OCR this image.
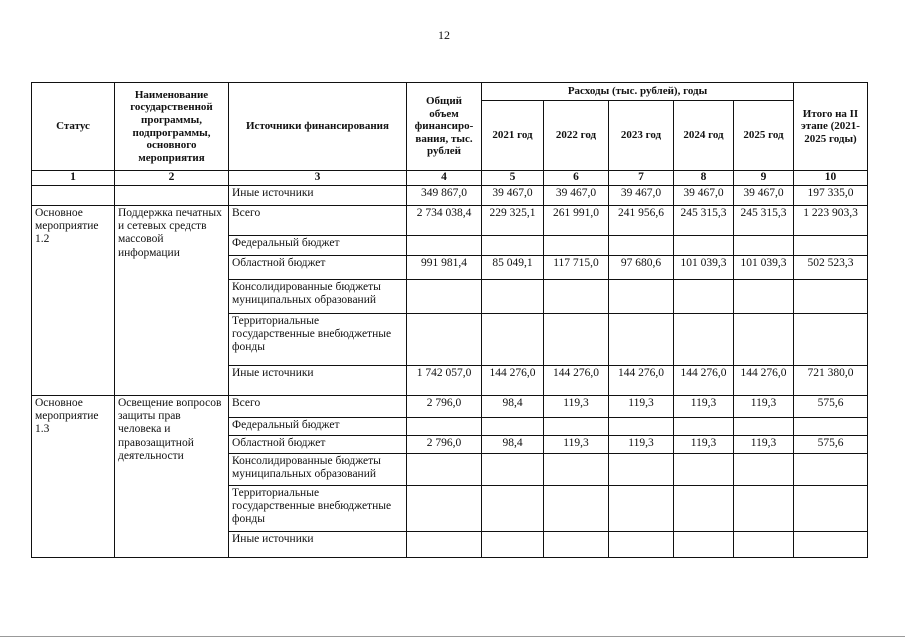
12
Статус	Наименование государственной программы, подпрограммы, основного мероприятия	Источники финансирования	Общий объем финансиро-вания, тыс. рублей	Расходы (тыс. рублей), годы					Итого на II этапе (2021-2025 годы)
				2021 год	2022 год	2023 год	2024 год	2025 год	
1	2	3	4	5	6	7	8	9	10
		Иные источники	349 867,0	39 467,0	39 467,0	39 467,0	39 467,0	39 467,0	197 335,0
Основное мероприятие 1.2	Поддержка печатных и сетевых средств массовой информации	Всего	2 734 038,4	229 325,1	261 991,0	241 956,6	245 315,3	245 315,3	1 223 903,3
		Федеральный бюджет							
		Областной бюджет	991 981,4	85 049,1	117 715,0	97 680,6	101 039,3	101 039,3	502 523,3
		Консолидированные бюджеты муниципальных образований							
		Территориальные государственные внебюджетные фонды							
		Иные источники	1 742 057,0	144 276,0	144 276,0	144 276,0	144 276,0	144 276,0	721 380,0
Основное мероприятие 1.3	Освещение вопросов защиты прав человека и правозащитной деятельности	Всего	2 796,0	98,4	119,3	119,3	119,3	119,3	575,6
		Федеральный бюджет							
		Областной бюджет	2 796,0	98,4	119,3	119,3	119,3	119,3	575,6
		Консолидированные бюджеты муниципальных образований							
		Территориальные государственные внебюджетные фонды							
		Иные источники							
